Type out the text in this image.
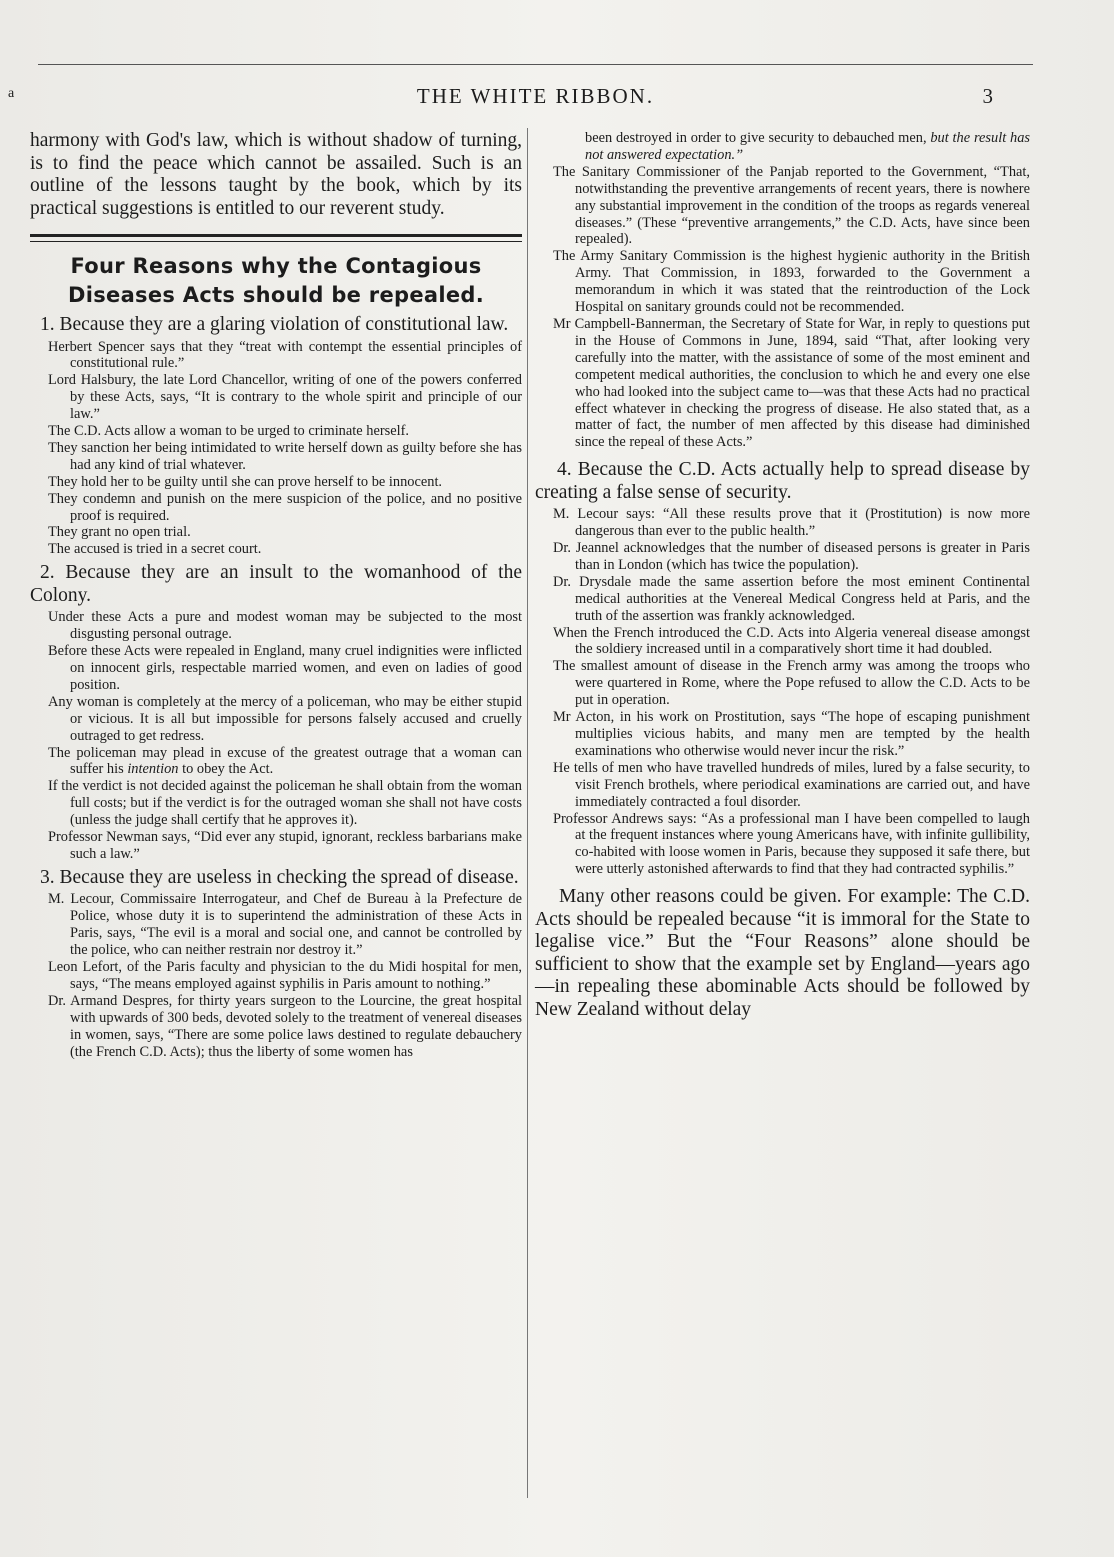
a	THE WHITE RIBBON.	3

harmony with God's law, which is without shadow of turning, is to find the peace which cannot be assailed. Such is an outline of the lessons taught by the book, which by its practical suggestions is entitled to our reverent study.

Four Reasons why the Contagious

Diseases Acts should be repealed.

1. Because they are a glaring violation of constitutional law.

Herbert Spencer says that they “treat with contempt the essential principles of constitutional rule.”

Lord Halsbury, the late Lord Chancellor, writing of one of the powers conferred by these Acts, says, “It is contrary to the whole spirit and principle of our law.”

The C.D. Acts allow a woman to be urged to criminate herself.

They sanction her being intimidated to write herself down as guilty before she has had any kind of trial whatever.

They hold her to be guilty until she can prove herself to be innocent.

They condemn and punish on the mere suspicion of the police, and no positive proof is required.

They grant no open trial.

The accused is tried in a secret court.

2. Because they are an insult to the womanhood of the Colony.

Under these Acts a pure and modest woman may be subjected to the most disgusting personal outrage.

Before these Acts were repealed in England, many cruel indignities were inflicted on innocent girls, respectable married women, and even on ladies of good position.

Any woman is completely at the mercy of a policeman, who may be either stupid or vicious. It is all but impossible for persons falsely accused and cruelly outraged to get redress.

The policeman may plead in excuse of the greatest outrage that a woman can suffer his intention to obey the Act.

If the verdict is not decided against the policeman he shall obtain from the woman full costs; but if the verdict is for the outraged woman she shall not have costs (unless the judge shall certify that he approves it).

Professor Newman says, “Did ever any stupid, ignorant, reckless barbarians make such a law.”

3. Because they are useless in checking the spread of disease.

M. Lecour, Commissaire Interrogateur, and Chef de Bureau à la Prefecture de Police, whose duty it is to superintend the administration of these Acts in Paris, says, “The evil is a moral and social one, and cannot be controlled by the police, who can neither restrain nor destroy it.”

Leon Lefort, of the Paris faculty and physician to the du Midi hospital for men, says, “The means employed against syphilis in Paris amount to nothing.”

Dr. Armand Despres, for thirty years surgeon to the Lourcine, the great hospital with upwards of 300 beds, devoted solely to the treatment of venereal diseases in women, says, “There are some police laws destined to regulate debauchery (the French C.D. Acts); thus the liberty of some women has

been destroyed in order to give security to debauched men, but the result has not answered expectation.”

The Sanitary Commissioner of the Panjab reported to the Government, “That, notwithstanding the preventive arrangements of recent years, there is nowhere any substantial improvement in the condition of the troops as regards venereal diseases.” (These “preventive arrangements,” the C.D. Acts, have since been repealed).

The Army Sanitary Commission is the highest hygienic authority in the British Army. That Commission, in 1893, forwarded to the Government a memorandum in which it was stated that the reintroduction of the Lock Hospital on sanitary grounds could not be recommended.

Mr Campbell-Bannerman, the Secretary of State for War, in reply to questions put in the House of Commons in June, 1894, said “That, after looking very carefully into the matter, with the assistance of some of the most eminent and competent medical authorities, the conclusion to which he and every one else who had looked into the subject came to—was that these Acts had no practical effect whatever in checking the progress of disease. He also stated that, as a matter of fact, the number of men affected by this disease had diminished since the repeal of these Acts.”

4. Because the C.D. Acts actually help to spread disease by creating a false sense of security.

M. Lecour says: “All these results prove that it (Prostitution) is now more dangerous than ever to the public health.”

Dr. Jeannel acknowledges that the number of diseased persons is greater in Paris than in London (which has twice the population).

Dr. Drysdale made the same assertion before the most eminent Continental medical authorities at the Venereal Medical Congress held at Paris, and the truth of the assertion was frankly acknowledged.

When the French introduced the C.D. Acts into Algeria venereal disease amongst the soldiery increased until in a comparatively short time it had doubled.

The smallest amount of disease in the French army was among the troops who were quartered in Rome, where the Pope refused to allow the C.D. Acts to be put in operation.

Mr Acton, in his work on Prostitution, says “The hope of escaping punishment multiplies vicious habits, and many men are tempted by the health examinations who otherwise would never incur the risk.”

He tells of men who have travelled hundreds of miles, lured by a false security, to visit French brothels, where periodical examinations are carried out, and have immediately contracted a foul disorder.

Professor Andrews says: “As a professional man I have been compelled to laugh at the frequent instances where young Americans have, with infinite gullibility, co-habited with loose women in Paris, because they supposed it safe there, but were utterly astonished afterwards to find that they had contracted syphilis.”

Many other reasons could be given. For example: The C.D. Acts should be repealed because “it is immoral for the State to legalise vice.” But the “Four Reasons” alone should be sufficient to show that the example set by England—years ago—in repealing these abominable Acts should be followed by New Zealand without delay
